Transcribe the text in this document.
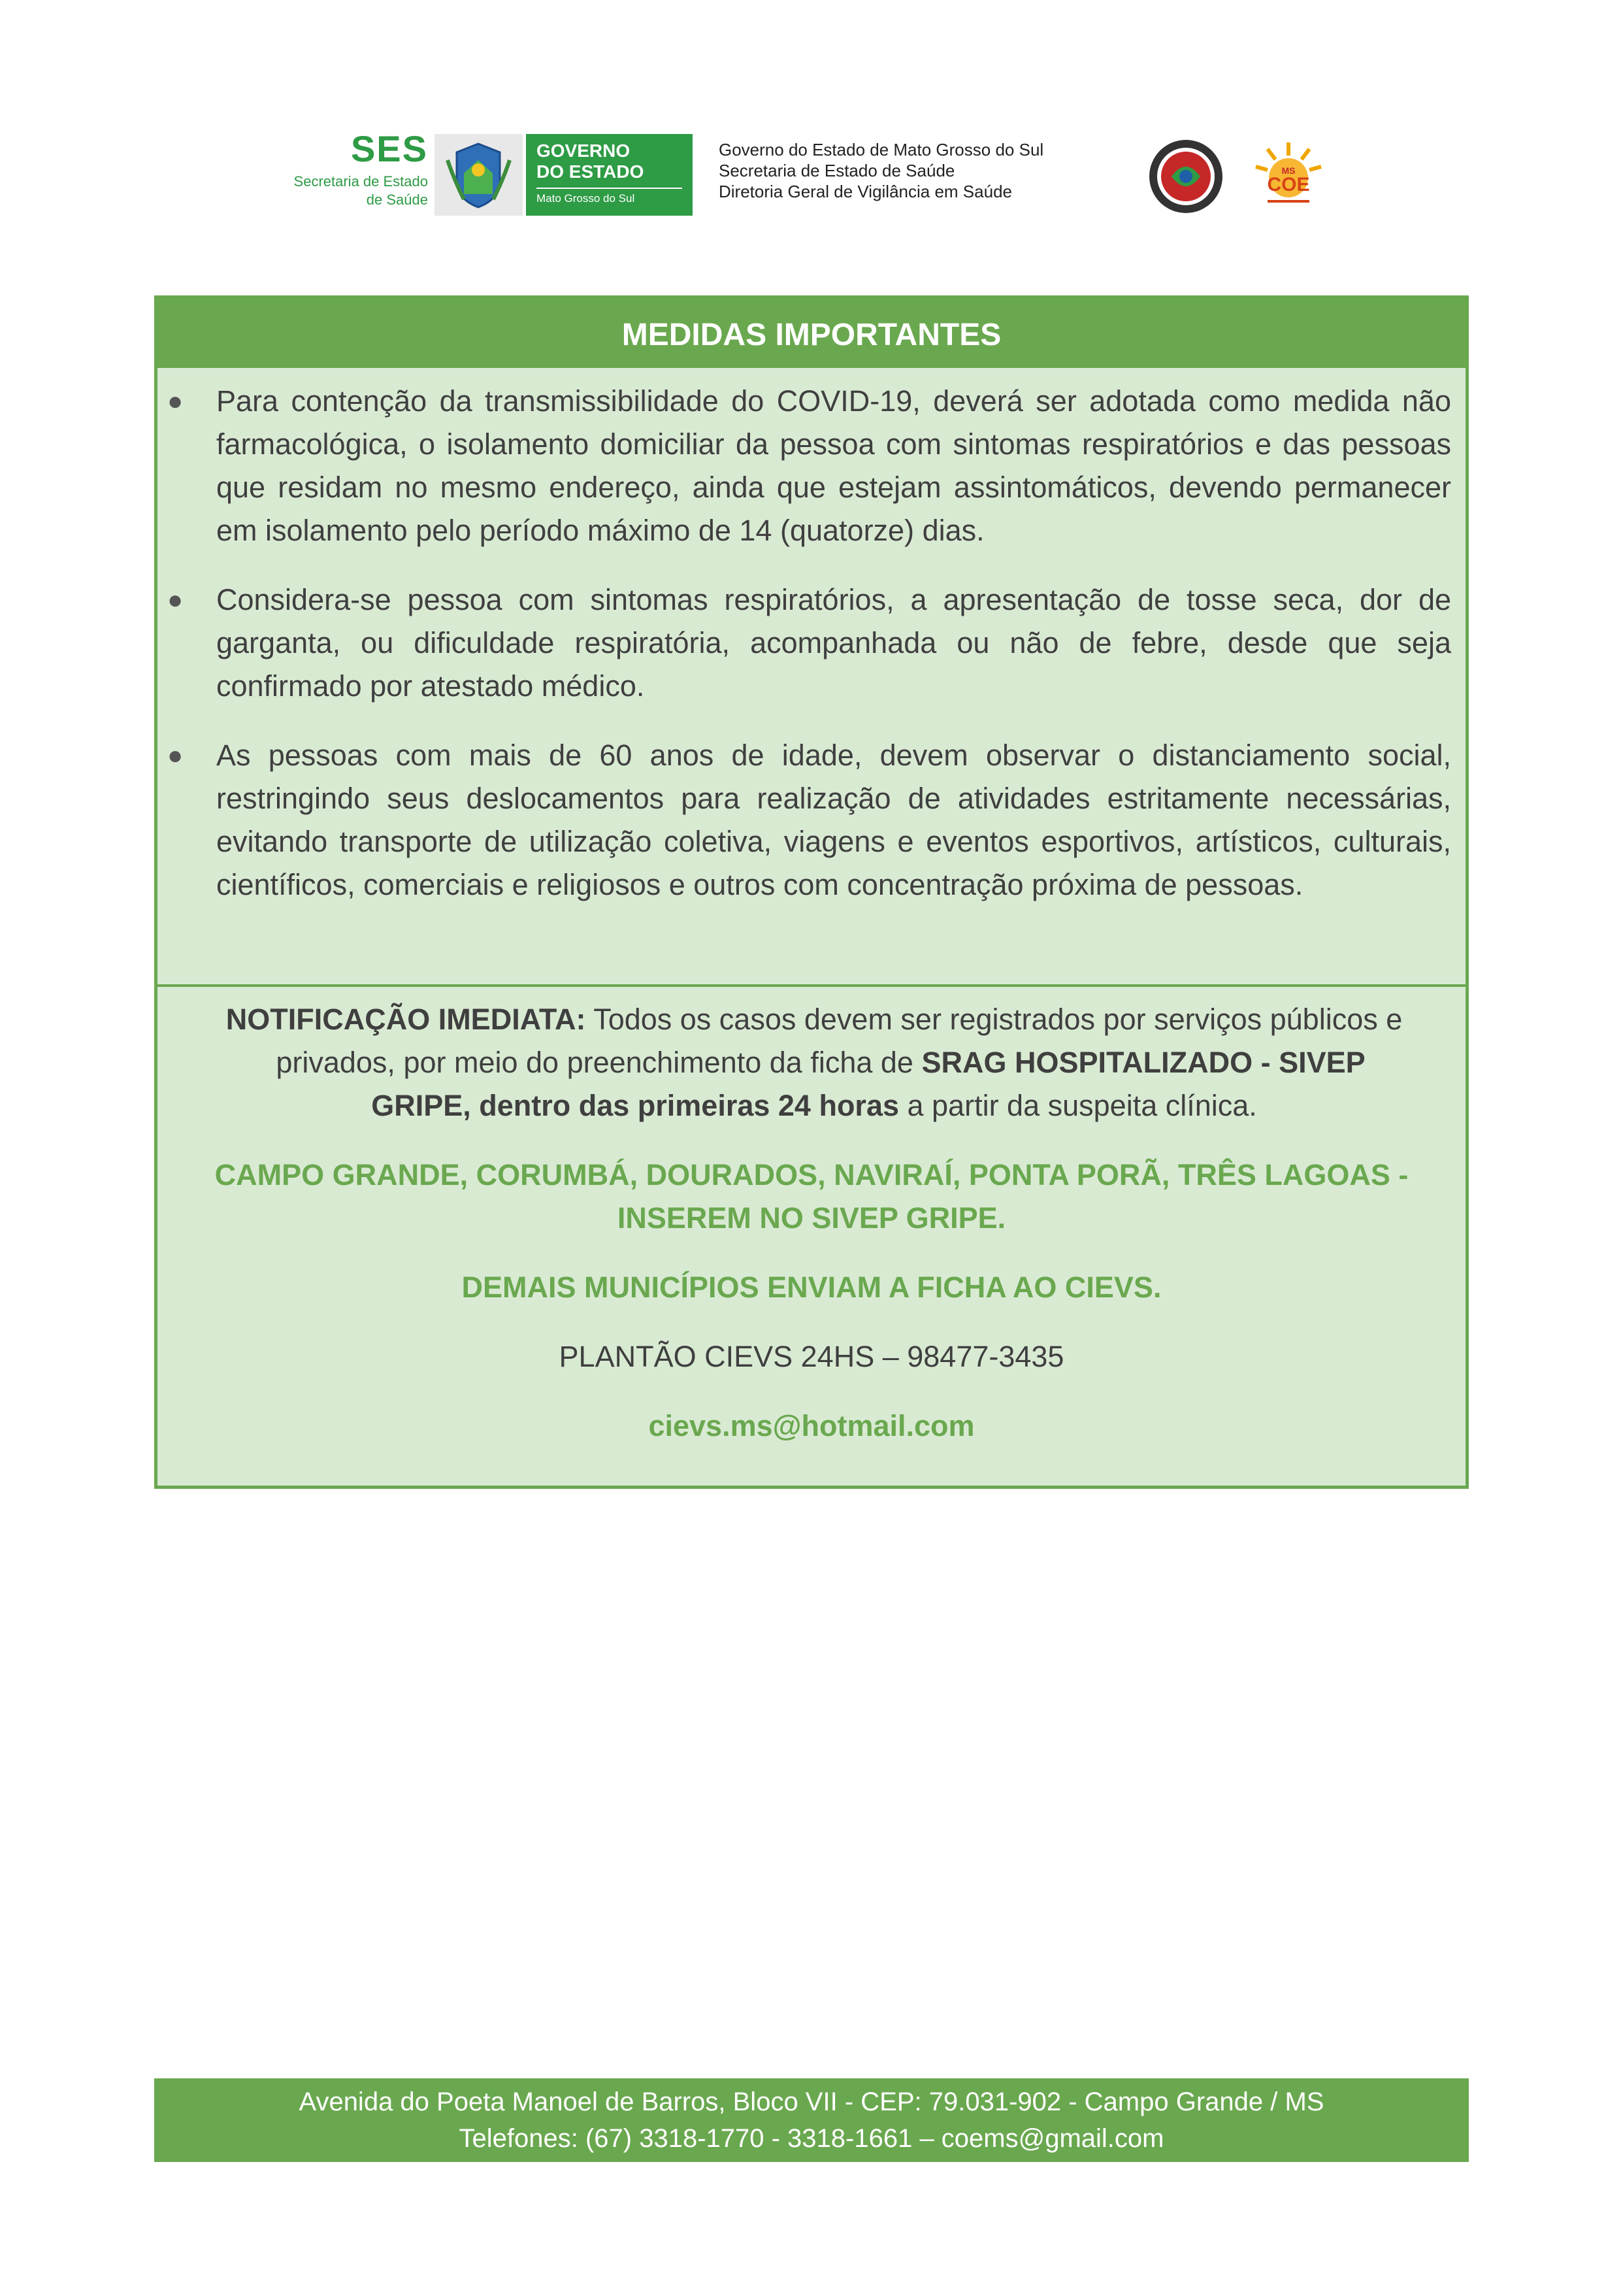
SES
Secretaria de Estado
de Saúde
GOVERNO
DO ESTADO
Mato Grosso do Sul
Governo do Estado de Mato Grosso do Sul
Secretaria de Estado de Saúde
Diretoria Geral de Vigilância em Saúde
MS
COE
MEDIDAS IMPORTANTES
● Para contenção da transmissibilidade do COVID-19, deverá ser adotada como medida não farmacológica, o isolamento domiciliar da pessoa com sintomas respiratórios e das pessoas que residam no mesmo endereço, ainda que estejam assintomáticos, devendo permanecer em isolamento pelo período máximo de 14 (quatorze) dias.
● Considera-se pessoa com sintomas respiratórios, a apresentação de tosse seca, dor de garganta, ou dificuldade respiratória, acompanhada ou não de febre, desde que seja confirmado por atestado médico.
● As pessoas com mais de 60 anos de idade, devem observar o distanciamento social, restringindo seus deslocamentos para realização de atividades estritamente necessárias, evitando transporte de utilização coletiva, viagens e eventos esportivos, artísticos, culturais, científicos, comerciais e religiosos e outros com concentração próxima de pessoas.
NOTIFICAÇÃO IMEDIATA: Todos os casos devem ser registrados por serviços públicos e
privados, por meio do preenchimento da ficha de SRAG HOSPITALIZADO - SIVEP
GRIPE, dentro das primeiras 24 horas a partir da suspeita clínica.
CAMPO GRANDE, CORUMBÁ, DOURADOS, NAVIRAÍ, PONTA PORÃ, TRÊS LAGOAS -
INSEREM NO SIVEP GRIPE.
DEMAIS MUNICÍPIOS ENVIAM A FICHA AO CIEVS.
PLANTÃO CIEVS 24HS – 98477-3435
cievs.ms@hotmail.com
Avenida do Poeta Manoel de Barros, Bloco VII - CEP: 79.031-902 - Campo Grande / MS
Telefones: (67) 3318-1770 - 3318-1661 – coems@gmail.com
